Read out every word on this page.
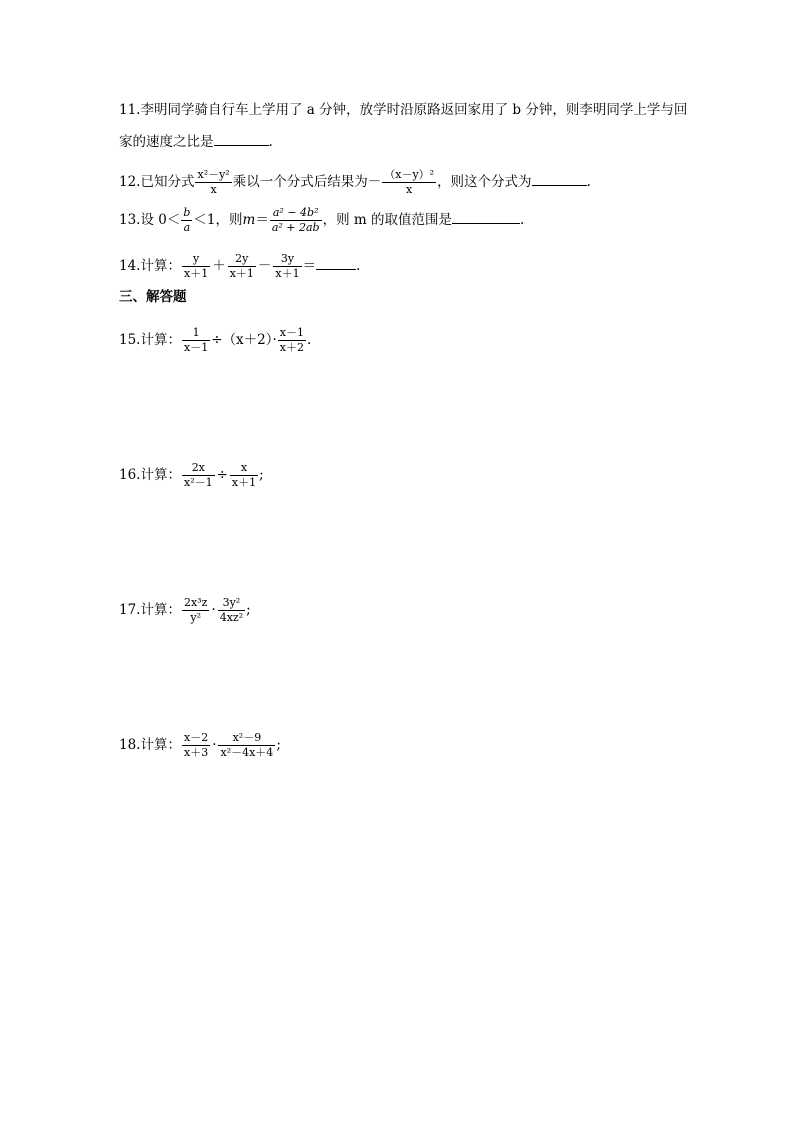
11.李明同学骑自行车上学用了 a 分钟，放学时沿原路返回家用了 b 分钟，则李明同学上学与回
家的速度之比是	.
12.已知分式 $\frac{\text{x²－y²}}{x}$ 乘以一个分式后结果为－ $\frac{\text{（x－y）²}}{x}$ ，则这个分式为	.
13.设 $0< \frac{b}{a} <1$，则$m= \frac{\text{a² − 4b²}}{\text{a² + 2ab}}$ ，则 m 的取值范围是	.
14.计算： $\frac{y}{x+1} + \frac{2y}{x+1} - \frac{3y}{x+1}$ ＝	.
三、解答题
15.计算： $\frac{1}{x-1} \div(x+2)\cdot \frac{x-1}{x+2}$ .
16.计算： $\frac{2x}{\text{x²－1}} \div \frac{x}{x+1}$ ;
17.计算： $\frac{\text{2x³z}}{\text{y²}} \cdot \frac{\text{3y²}}{\text{4xz²}}$ ;
18.计算： $\frac{x-2}{x+3} \cdot \frac{\text{x²－9}}{\text{x²－4x＋4}}$ ;
